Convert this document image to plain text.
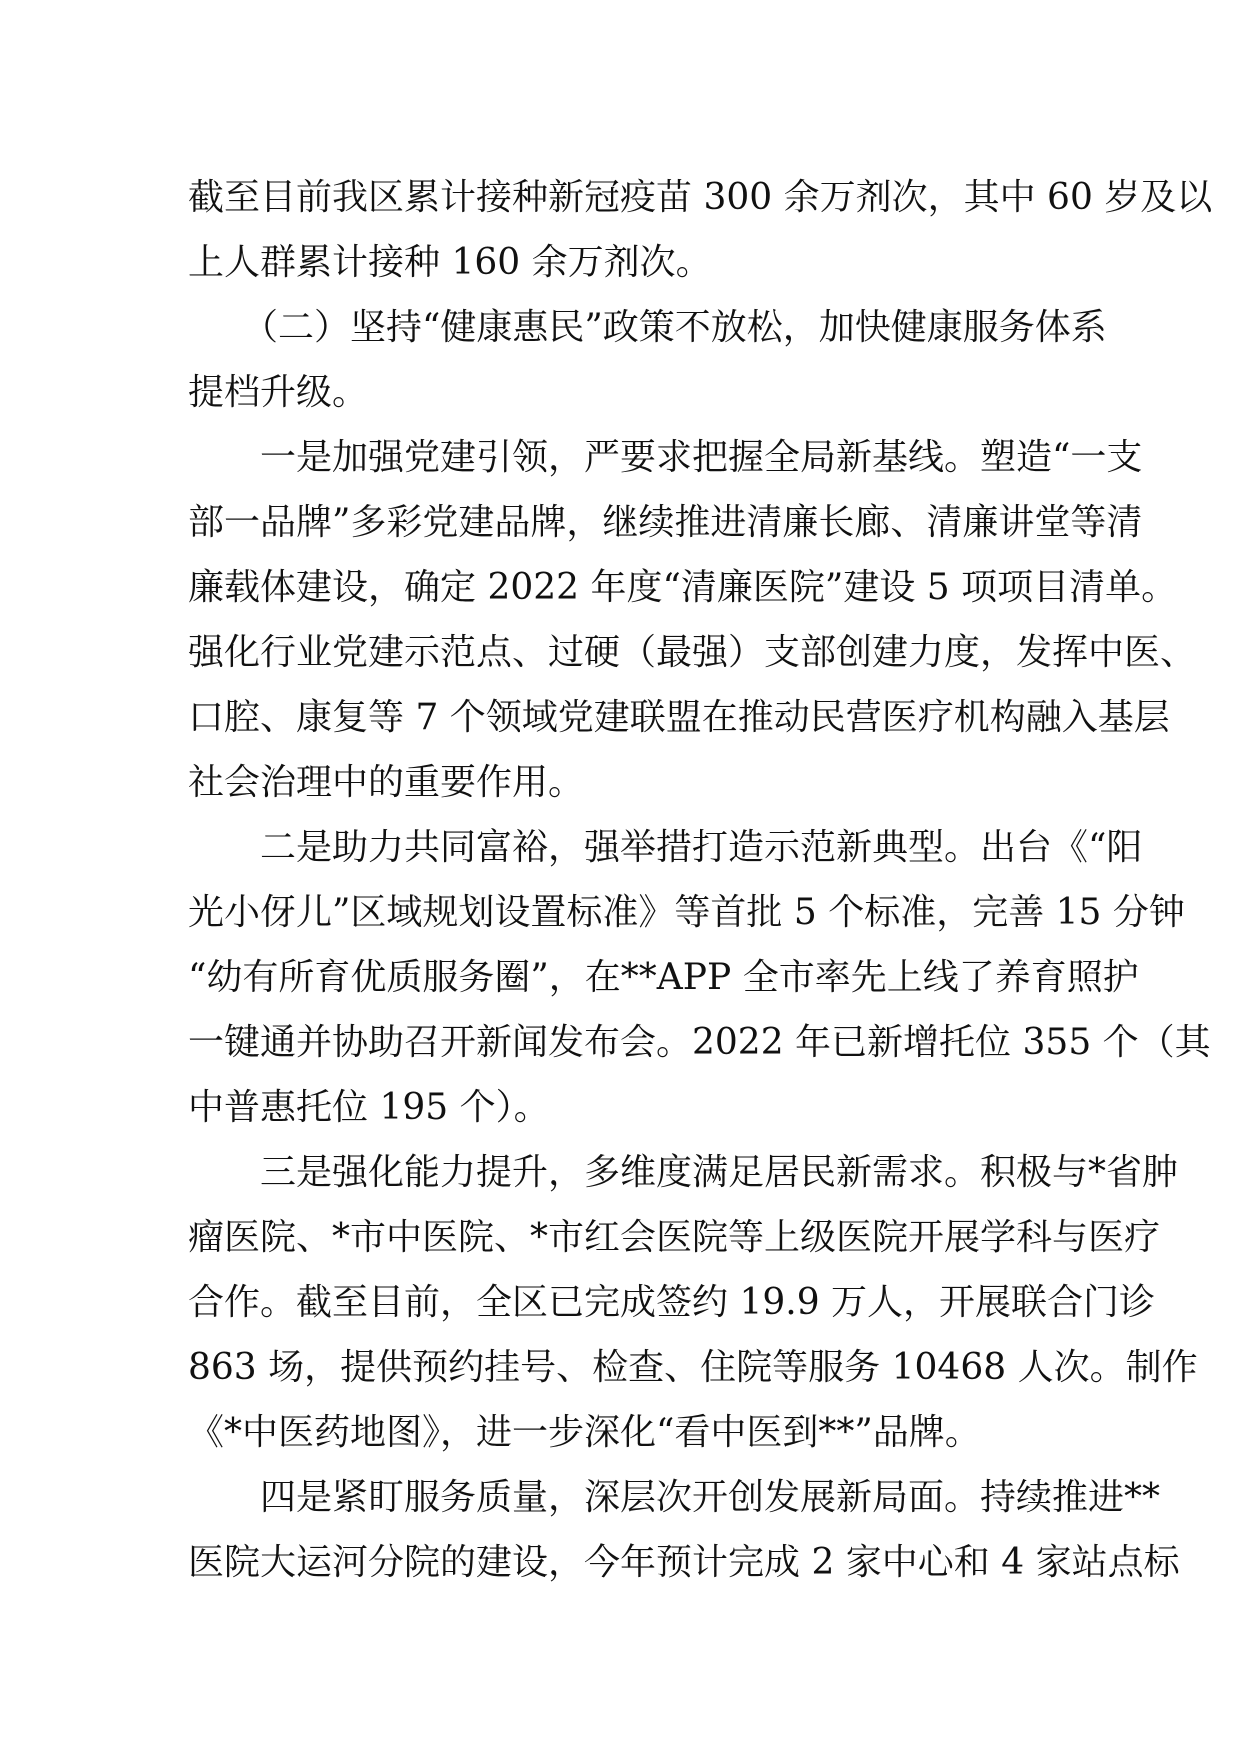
截至目前我区累计接种新冠疫苗 300 余万剂次，其中 60 岁及以
上人群累计接种 160 余万剂次。
　　（二）坚持“健康惠民”政策不放松，加快健康服务体系
提档升级。
　　一是加强党建引领，严要求把握全局新基线。塑造“一支
部一品牌”多彩党建品牌，继续推进清廉长廊、清廉讲堂等清
廉载体建设，确定 2022 年度“清廉医院”建设 5 项项目清单。
强化行业党建示范点、过硬（最强）支部创建力度，发挥中医、
口腔、康复等 7 个领域党建联盟在推动民营医疗机构融入基层
社会治理中的重要作用。
　　二是助力共同富裕，强举措打造示范新典型。出台《“阳
光小伢儿”区域规划设置标准》等首批 5 个标准，完善 15 分钟
“幼有所育优质服务圈”，在**APP 全市率先上线了养育照护
一键通并协助召开新闻发布会。2022 年已新增托位 355 个（其
中普惠托位 195 个）。
　　三是强化能力提升，多维度满足居民新需求。积极与*省肿
瘤医院、*市中医院、*市红会医院等上级医院开展学科与医疗
合作。截至目前，全区已完成签约 19.9 万人，开展联合门诊
863 场，提供预约挂号、检查、住院等服务 10468 人次。制作
《*中医药地图》，进一步深化“看中医到**”品牌。
　　四是紧盯服务质量，深层次开创发展新局面。持续推进**
医院大运河分院的建设，今年预计完成 2 家中心和 4 家站点标
